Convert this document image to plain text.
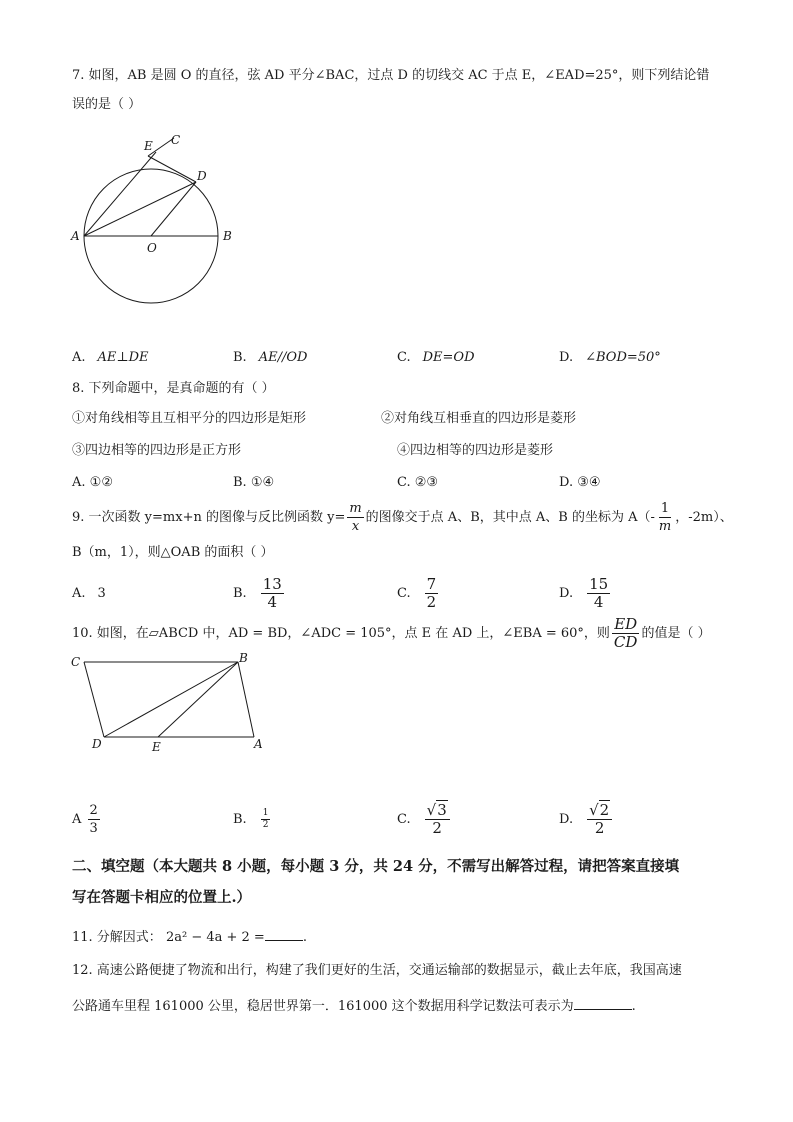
7. 如图，AB 是圆 O 的直径，弦 AD 平分∠BAC，过点 D 的切线交 AC 于点 E，∠EAD=25°，则下列结论错
误的是（ ）
A	B
C
D
E
O
A. AE⊥DE	B. AE//OD	C. DE=OD	D. ∠BOD=50°
8. 下列命题中，是真命题的有（ ）
①对角线相等且互相平分的四边形是矩形	②对角线互相垂直的四边形是菱形
③四边相等的四边形是正方形	④四边相等的四边形是菱形
A. ①②	B. ①④	C. ②③	D. ③④
9. 一次函数 y=mx+n 的图像与反比例函数 $y= \frac{m}{x}$ 的图像交于点 A、B，其中点 A、B 的坐标为 $A(- \frac{1}{m}$ ，-2m）、
B（m，1），则△OAB 的面积（ ）
A. 3	B. $\frac{13}{4}$	C. $\frac{7}{2}$	D. $\frac{15}{4}$
10. 如图，在▱ABCD 中，AD = BD，∠ADC = 105°，点 E 在 AD 上，∠EBA = 60°，则 $\frac{ED}{CD}$ 的值是（ ）
C	B
D	E	A
A $\frac{2}{3}$	B. $\frac{1}{2}$	C. $\frac{√3}{2}$	D. $\frac{√2}{2}$
二、填空题（本大题共 8 小题，每小题 3 分，共 24 分，不需写出解答过程，请把答案直接填
写在答题卡相应的位置上.）
11. 分解因式： 2a² − 4a + 2 =	.
12. 高速公路便捷了物流和出行，构建了我们更好的生活，交通运输部的数据显示，截止去年底，我国高速
公路通车里程 161000 公里，稳居世界第一．161000 这个数据用科学记数法可表示为	.
